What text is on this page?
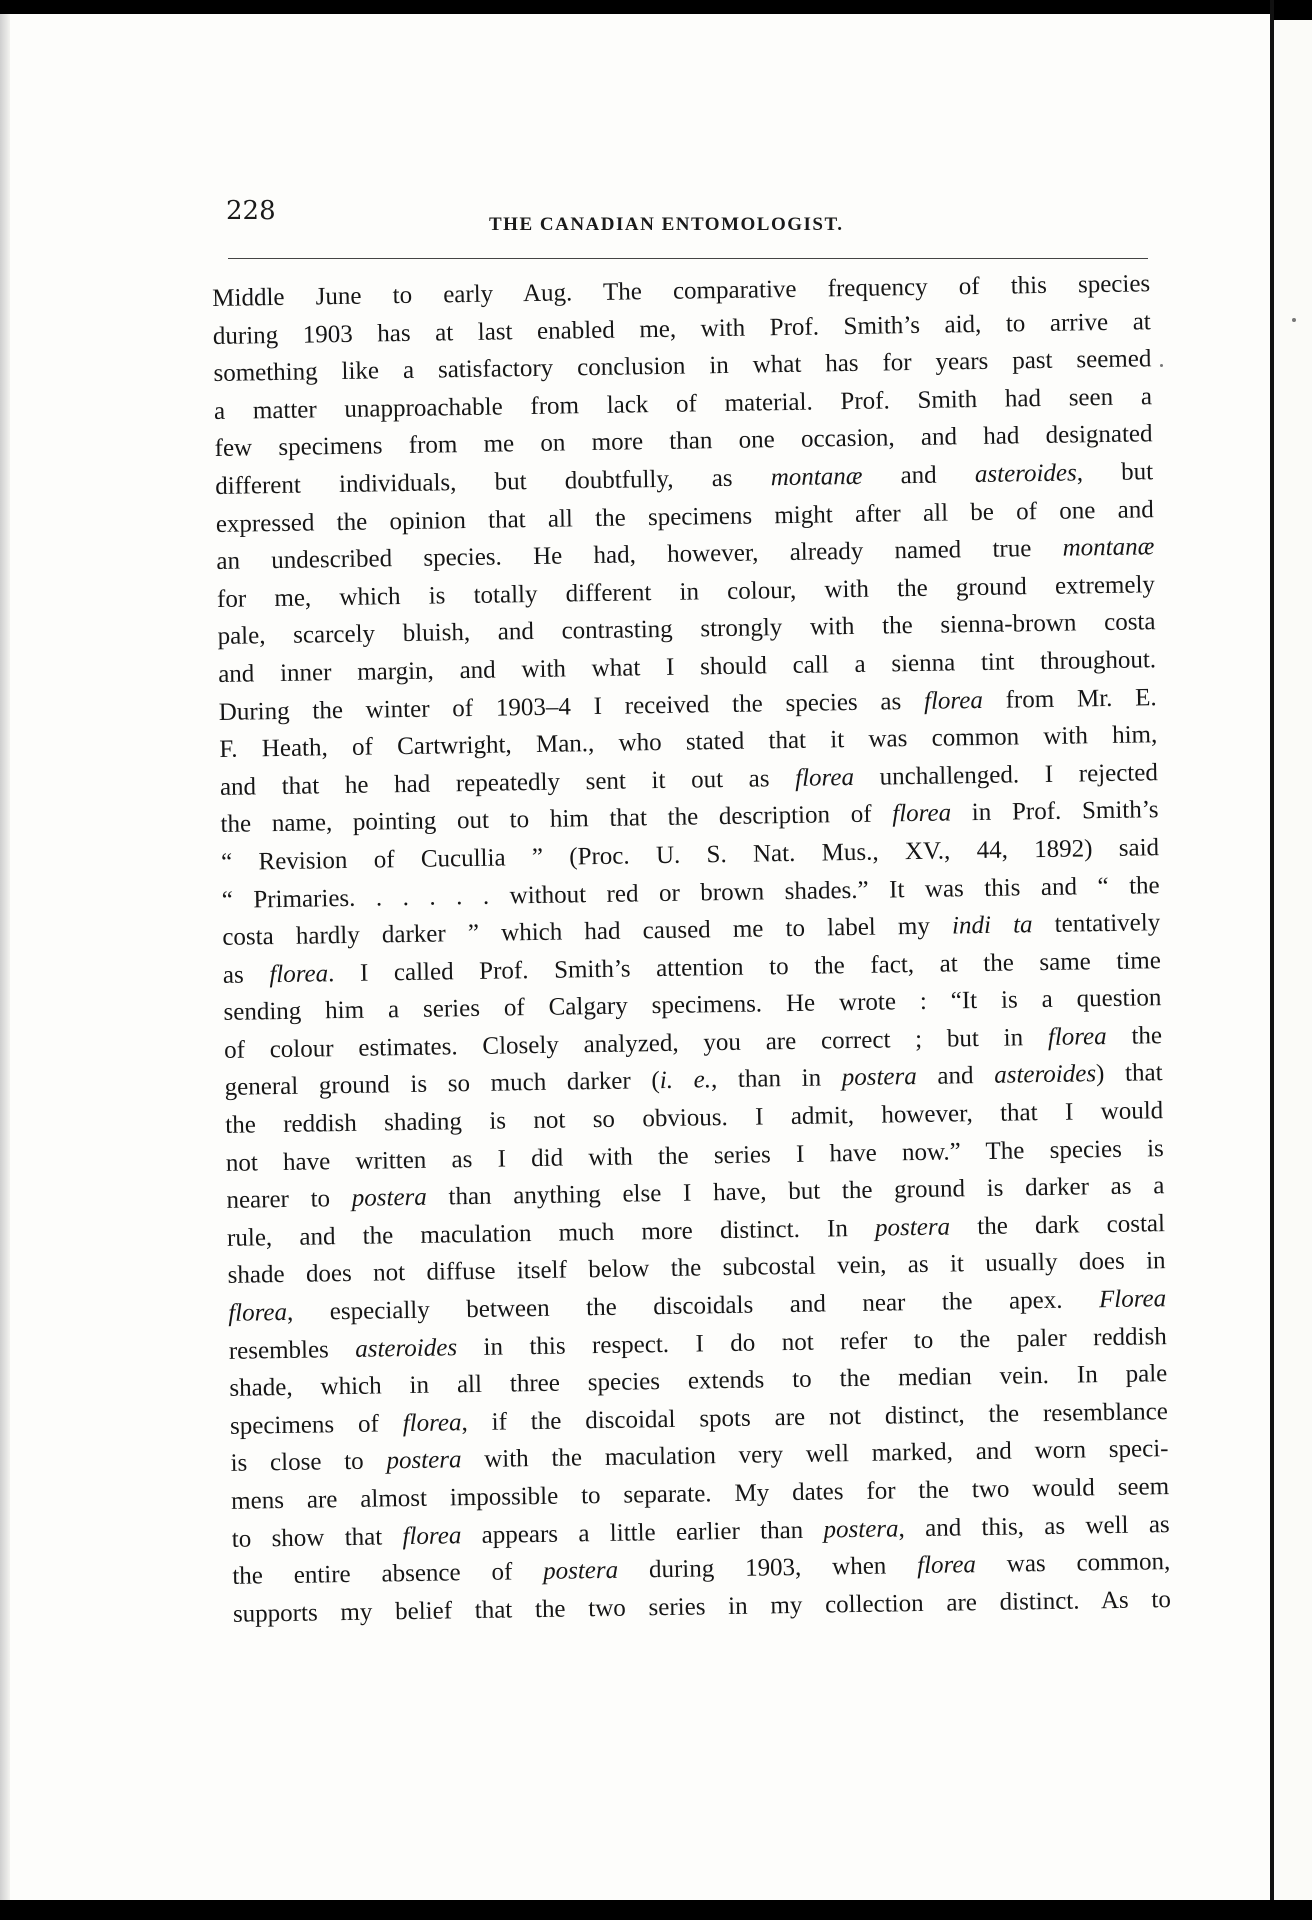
228	THE CANADIAN ENTOMOLOGIST.
Middle June to early Aug. The comparative frequency of this species
during 1903 has at last enabled me, with Prof. Smith’s aid, to arrive at
something like a satisfactory conclusion in what has for years past seemed
a matter unapproachable from lack of material. Prof. Smith had seen a
few specimens from me on more than one occasion, and had designated
different individuals, but doubtfully, as montanæ and asteroides, but
expressed the opinion that all the specimens might after all be of one and
an undescribed species. He had, however, already named true montanæ
for me, which is totally different in colour, with the ground extremely
pale, scarcely bluish, and contrasting strongly with the sienna-brown costa
and inner margin, and with what I should call a sienna tint throughout.
During the winter of 1903–4 I received the species as florea from Mr. E.
F. Heath, of Cartwright, Man., who stated that it was common with him,
and that he had repeatedly sent it out as florea unchallenged. I rejected
the name, pointing out to him that the description of florea in Prof. Smith’s
“ Revision of Cucullia ” (Proc. U. S. Nat. Mus., XV., 44, 1892) said
“ Primaries. . . . . . without red or brown shades.” It was this and “ the
costa hardly darker ” which had caused me to label my indi ta tentatively
as florea. I called Prof. Smith’s attention to the fact, at the same time
sending him a series of Calgary specimens. He wrote : “It is a question
of colour estimates. Closely analyzed, you are correct ; but in florea the
general ground is so much darker (i. e., than in postera and asteroides) that
the reddish shading is not so obvious. I admit, however, that I would
not have written as I did with the series I have now.” The species is
nearer to postera than anything else I have, but the ground is darker as a
rule, and the maculation much more distinct. In postera the dark costal
shade does not diffuse itself below the subcostal vein, as it usually does in
florea, especially between the discoidals and near the apex. Florea
resembles asteroides in this respect. I do not refer to the paler reddish
shade, which in all three species extends to the median vein. In pale
specimens of florea, if the discoidal spots are not distinct, the resemblance
is close to postera with the maculation very well marked, and worn speci-
mens are almost impossible to separate. My dates for the two would seem
to show that florea appears a little earlier than postera, and this, as well as
the entire absence of postera during 1903, when florea was common,
supports my belief that the two series in my collection are distinct. As to
